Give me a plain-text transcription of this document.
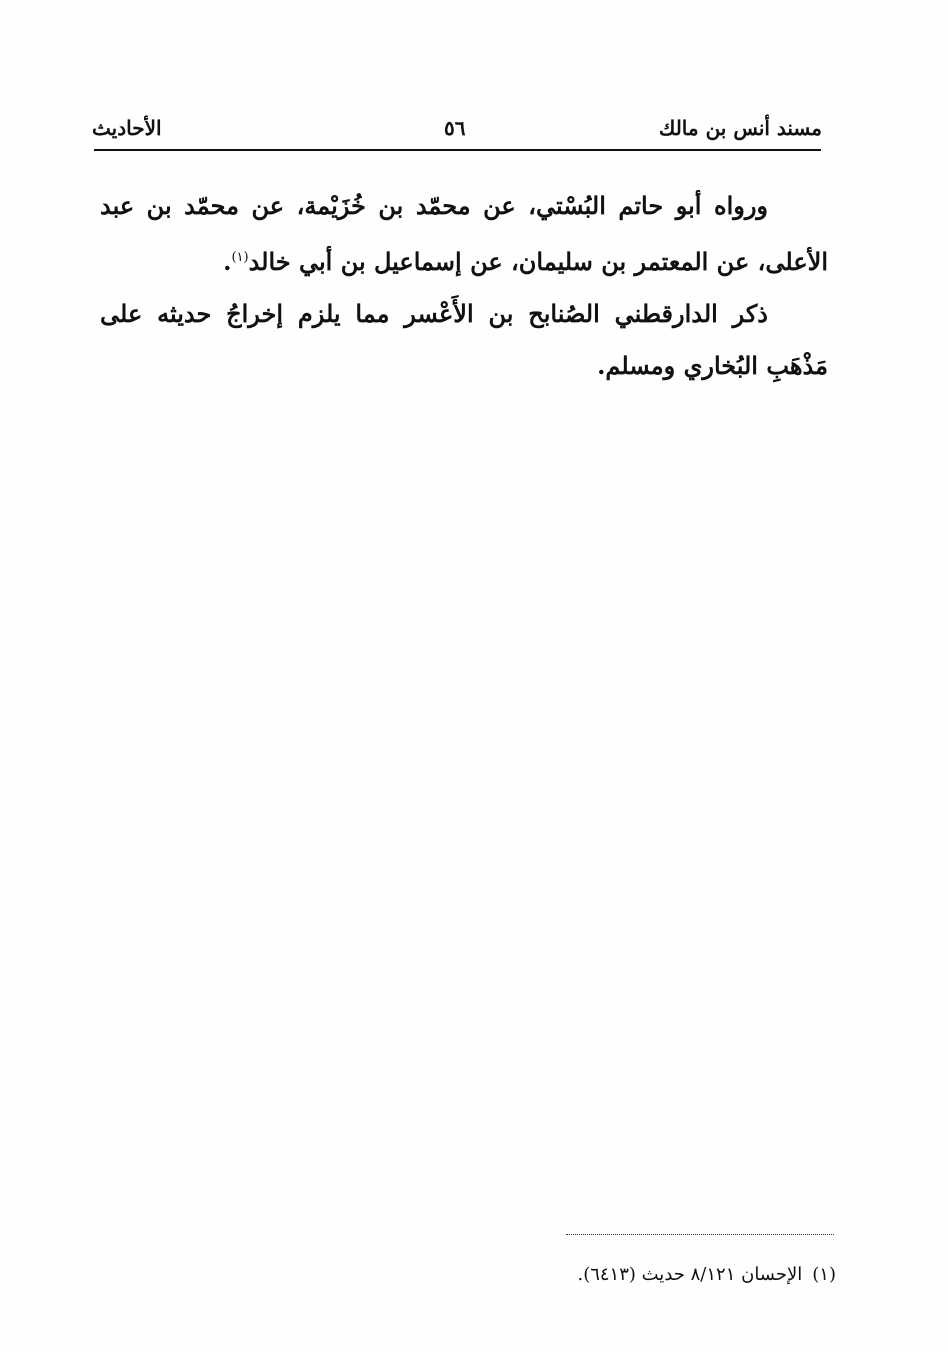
مسند أنس بن مالك
٥٦
الأحاديث

ورواه أبو حاتم البُسْتي، عن محمّد بن خُزَيْمة، عن محمّد بن عبد الأعلى، عن المعتمر بن سليمان، عن إسماعيل بن أبي خالد$^{(١)}$.

ذكر الدارقطني الصُنابح بن الأَعْسر مما يلزم إخراجُ حديثه على مَذْهَبِ البُخاري ومسلم.

(١)الإحسان ٨/١٢١ حديث (٦٤١٣).
